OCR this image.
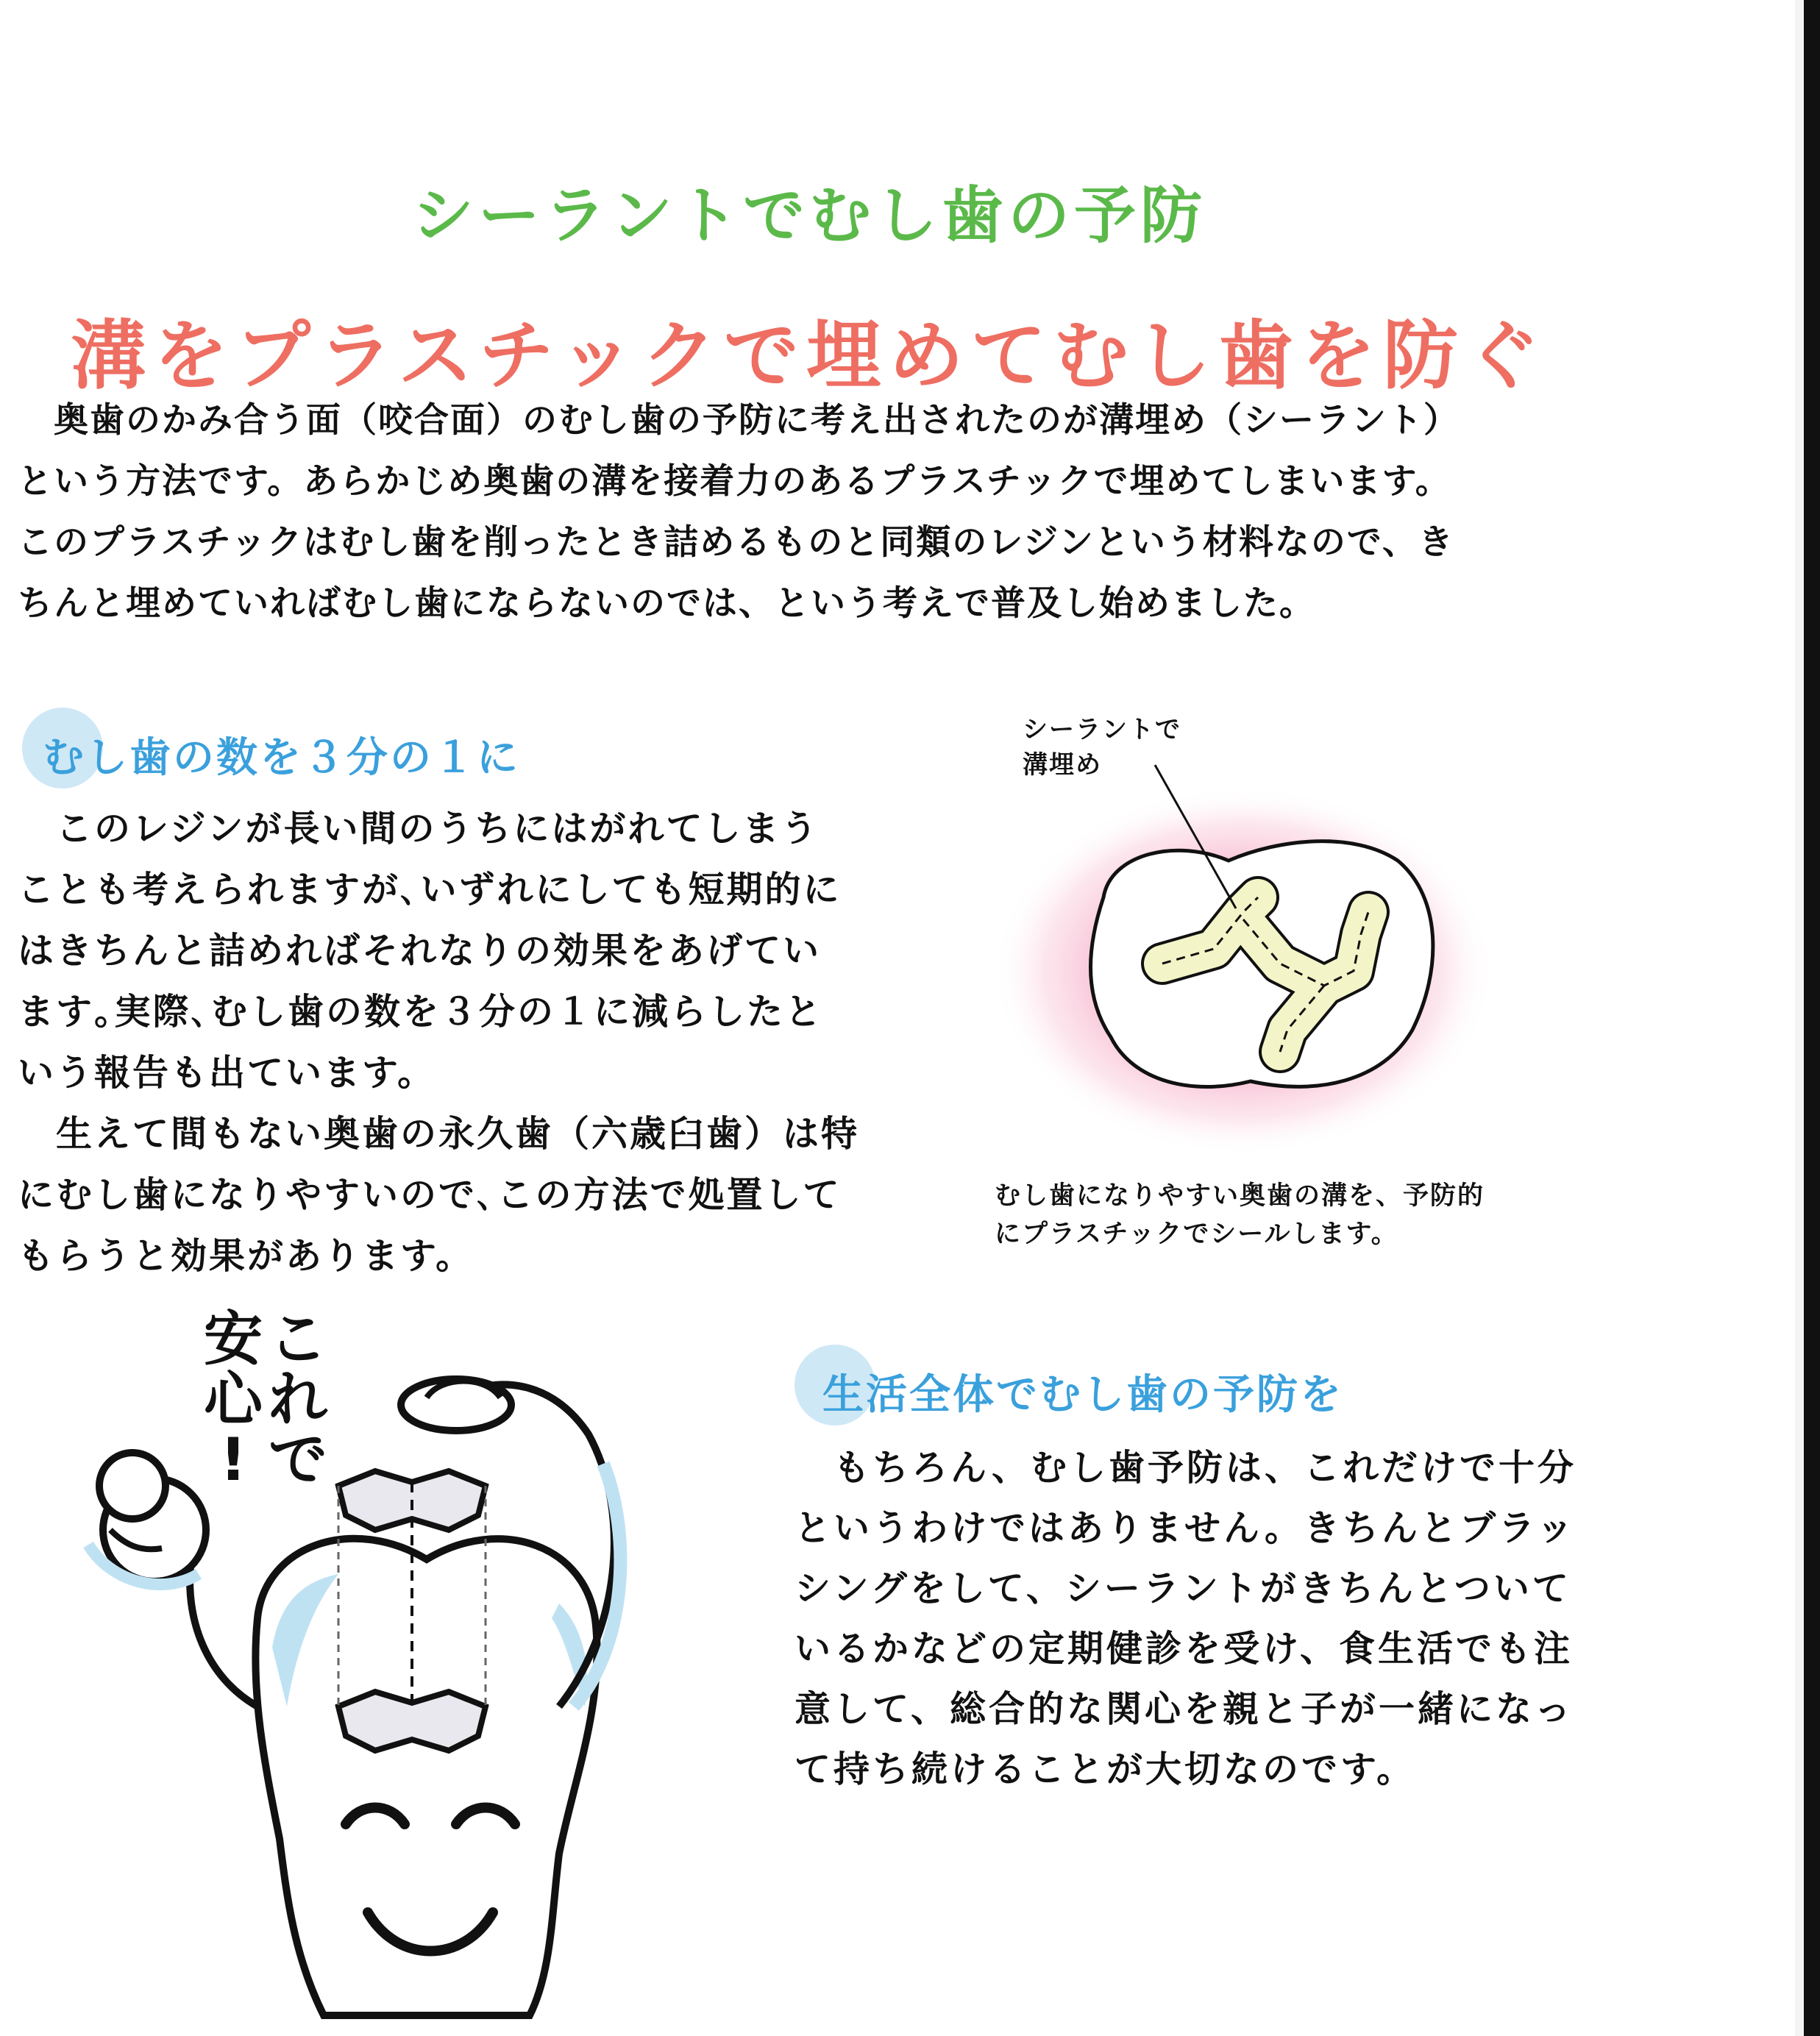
シーラントでむし歯の予防
溝をプラスチックで埋めてむし歯を防ぐ
　奥歯のかみ合う面（咬合面）のむし歯の予防に考え出されたのが溝埋め（シーラント）
という方法です。あらかじめ奥歯の溝を接着力のあるプラスチックで埋めてしまいます。
このプラスチックはむし歯を削ったとき詰めるものと同類のレジンという材料なので、き
ちんと埋めていればむし歯にならないのでは、という考えで普及し始めました。
むし歯の数を３分の１に
　このレジンが長い間のうちにはがれてしまう
ことも考えられますが､いずれにしても短期的に
はきちんと詰めればそれなりの効果をあげてい
ます｡実際､むし歯の数を３分の１に減らしたと
いう報告も出ています。
　生えて間もない奥歯の永久歯（六歳臼歯）は特
にむし歯になりやすいので､この方法で処置して
もらうと効果があります。
シーラントで
溝埋め
むし歯になりやすい奥歯の溝を、予防的
にプラスチックでシールします。
こ
れ
で
安
心
!
生活全体でむし歯の予防を
　もちろん、むし歯予防は、これだけで十分
というわけではありません。きちんとブラッ
シングをして、シーラントがきちんとついて
いるかなどの定期健診を受け、食生活でも注
意して、総合的な関心を親と子が一緒になっ
て持ち続けることが大切なのです。
